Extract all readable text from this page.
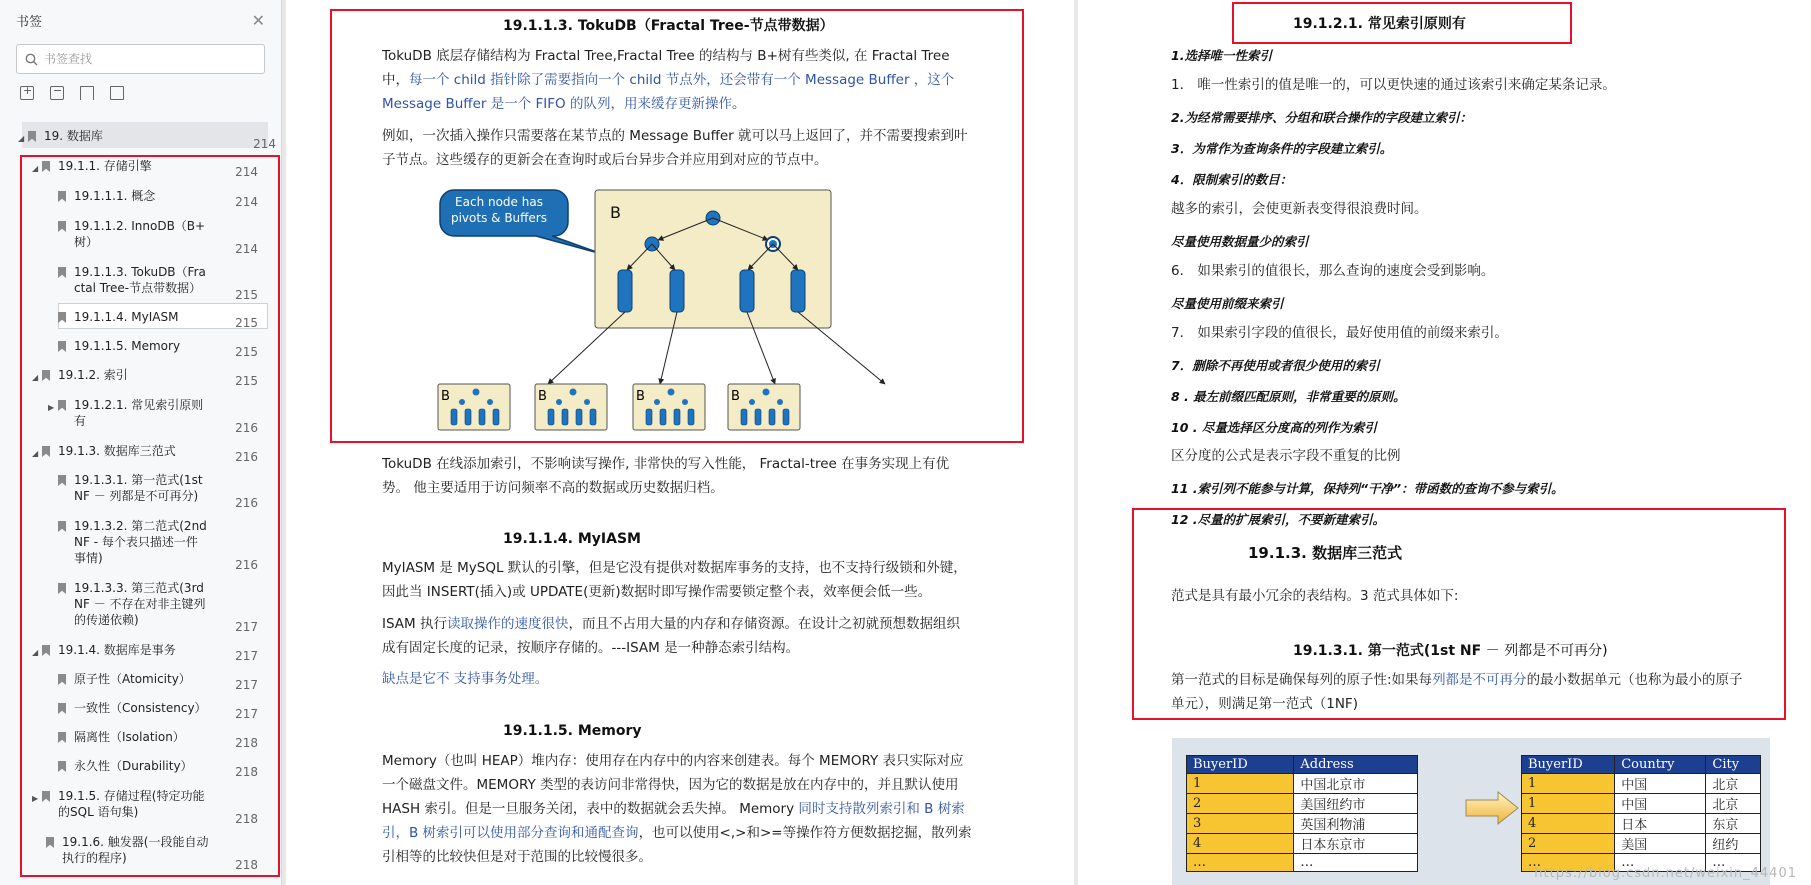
书签	✕
书签查找
+
−
◢	19. 数据库
214
◢	19.1.1. 存储引擎	214
19.1.1.1. 概念	214
19.1.1.2. InnoDB（B+
树）	214
19.1.1.3. TokuDB（Fra
ctal Tree-节点带数据）	215
19.1.1.4. MyIASM	215
19.1.1.5. Memory	215
◢	19.1.2. 索引	215
▶	19.1.2.1. 常见索引原则
有	216
◢	19.1.3. 数据库三范式	216
19.1.3.1. 第一范式(1st
NF － 列都是不可再分)	216
19.1.3.2. 第二范式(2nd
NF - 每个表只描述一件
事情)	216
19.1.3.3. 第三范式(3rd
NF － 不存在对非主键列
的传递依赖)	217
◢	19.1.4. 数据库是事务	217
原子性（Atomicity）	217
一致性（Consistency）	217
隔离性（Isolation）	218
永久性（Durability）	218
▶	19.1.5. 存储过程(特定功能
的SQL 语句集)	218
19.1.6. 触发器(一段能自动
执行的程序)	218
19.1.1.3. TokuDB（Fractal Tree-节点带数据）
TokuDB 底层存储结构为 Fractal Tree,Fractal Tree 的结构与 B+树有些类似, 在 Fractal Tree
中，每一个 child 指针除了需要指向一个 child 节点外，还会带有一个 Message Buffer ，这个
Message Buffer 是一个 FIFO 的队列，用来缓存更新操作。
例如，一次插入操作只需要落在某节点的 Message Buffer 就可以马上返回了，并不需要搜索到叶
子节点。这些缓存的更新会在查询时或后台异步合并应用到对应的节点中。
Each node has
pivots & Buffers	B
B	B	B	B
TokuDB 在线添加索引，不影响读写操作, 非常快的写入性能， Fractal-tree 在事务实现上有优
势。 他主要适用于访问频率不高的数据或历史数据归档。
19.1.1.4. MyIASM
MyIASM 是 MySQL 默认的引擎，但是它没有提供对数据库事务的支持，也不支持行级锁和外键，
因此当 INSERT(插入)或 UPDATE(更新)数据时即写操作需要锁定整个表，效率便会低一些。
ISAM 执行读取操作的速度很快，而且不占用大量的内存和存储资源。在设计之初就预想数据组织
成有固定长度的记录，按顺序存储的。---ISAM 是一种静态索引结构。
缺点是它不 支持事务处理。
19.1.1.5. Memory
Memory（也叫 HEAP）堆内存：使用存在内存中的内容来创建表。每个 MEMORY 表只实际对应
一个磁盘文件。MEMORY 类型的表访问非常得快，因为它的数据是放在内存中的，并且默认使用
HASH 索引。但是一旦服务关闭，表中的数据就会丢失掉。 Memory 同时支持散列索引和 B 树索
引，B 树索引可以使用部分查询和通配查询，也可以使用<,>和>=等操作符方便数据挖掘，散列索
引相等的比较快但是对于范围的比较慢很多。
19.1.2.1. 常见索引原则有
1.选择唯一性索引
1． 唯一性索引的值是唯一的，可以更快速的通过该索引来确定某条记录。
2.为经常需要排序、分组和联合操作的字段建立索引：
3．为常作为查询条件的字段建立索引。
4．限制索引的数目：
越多的索引，会使更新表变得很浪费时间。
尽量使用数据量少的索引
6． 如果索引的值很长，那么查询的速度会受到影响。
尽量使用前缀来索引
7． 如果索引字段的值很长，最好使用值的前缀来索引。
7．删除不再使用或者很少使用的索引
8 . 最左前缀匹配原则，非常重要的原则。
10 . 尽量选择区分度高的列作为索引
区分度的公式是表示字段不重复的比例
11 .索引列不能参与计算，保持列“干净”：带函数的查询不参与索引。
12 .尽量的扩展索引，不要新建索引。
19.1.3. 数据库三范式
范式是具有最小冗余的表结构。3 范式具体如下:
19.1.3.1. 第一范式(1st NF － 列都是不可再分)
第一范式的目标是确保每列的原子性:如果每列都是不可再分的最小数据单元（也称为最小的原子
单元），则满足第一范式（1NF)
BuyerID	Address
1	中国北京市
2	美国纽约市
3	英国利物浦
4	日本东京市
…	…
BuyerID	Country	City
1	中国	北京
1	中国	北京
4	日本	东京
2	美国	纽约
…	…	…
https://blog.csdn.net/weixin_44401
